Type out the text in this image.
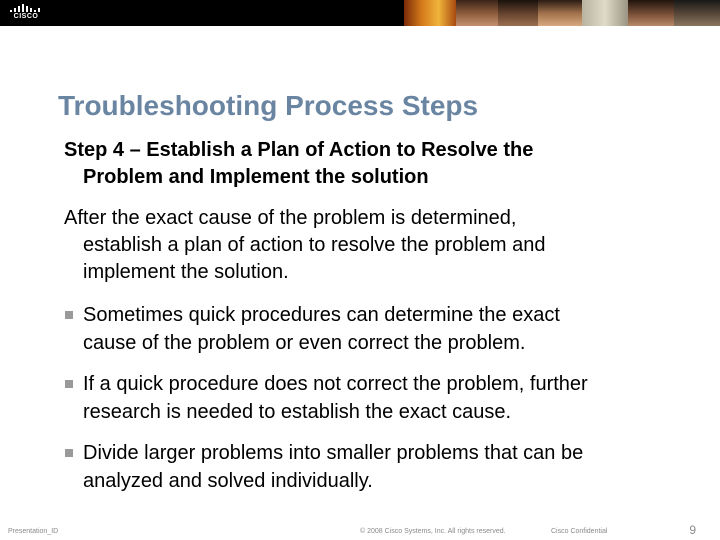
CISCO
Troubleshooting Process Steps
Step 4 – Establish a Plan of Action to Resolve the
Problem and Implement the solution
After the exact cause of the problem is determined,
establish a plan of action to resolve the problem and
implement the solution.
Sometimes quick procedures can determine the exact
cause of the problem or even correct the problem.
If a quick procedure does not correct the problem, further
research is needed to establish the exact cause.
Divide larger problems into smaller problems that can be
analyzed and solved individually.
Presentation_ID	© 2008 Cisco Systems, Inc. All rights reserved.	Cisco Confidential	9
